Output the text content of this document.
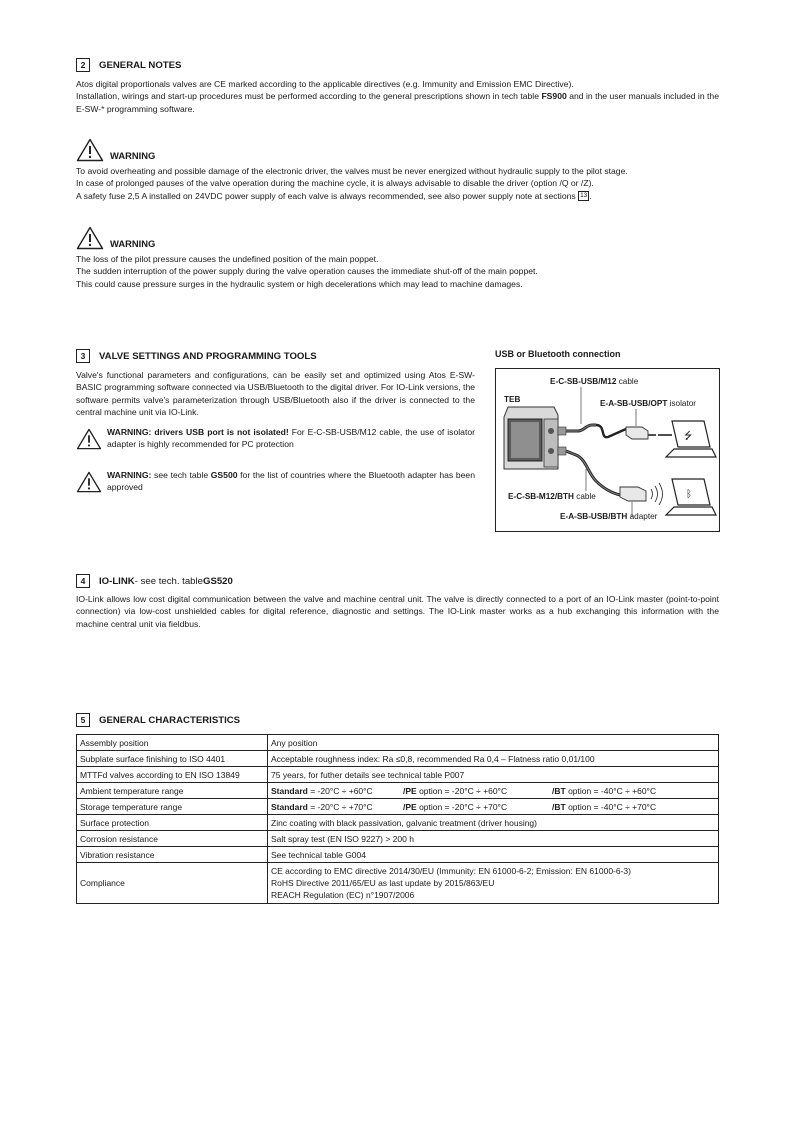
2	GENERAL NOTES
Atos digital proportionals valves are CE marked according to the applicable directives (e.g. Immunity and Emission EMC Directive).
Installation, wirings and start-up procedures must be performed according to the general prescriptions shown in tech table FS900 and in the user manuals included in the E-SW-* programming software.
WARNING
To avoid overheating and possible damage of the electronic driver, the valves must be never energized without hydraulic supply to the pilot stage.
In case of prolonged pauses of the valve operation during the machine cycle, it is always advisable to disable the driver (option /Q or /Z).
A safety fuse 2,5 A installed on 24VDC power supply of each valve is always recommended, see also power supply note at sections 13 .
WARNING
The loss of the pilot pressure causes the undefined position of the main poppet.
The sudden interruption of the power supply during the valve operation causes the immediate shut-off of the main poppet.
This could cause pressure surges in the hydraulic system or high decelerations which may lead to machine damages.
3	VALVE SETTINGS AND PROGRAMMING TOOLS
Valve's functional parameters and configurations, can be easily set and optimized using Atos E-SW-BASIC programming software connected via USB/Bluetooth to the digital driver. For IO-Link versions, the software permits valve's parameterization through USB/Bluetooth also if the driver is connected to the central machine unit via IO-Link.
WARNING: drivers USB port is not isolated! For E-C-SB-USB/M12 cable, the use of isolator adapter is highly recommended for PC protection
WARNING: see tech table GS500 for the list of countries where the Bluetooth adapter has been approved
USB or Bluetooth connection
⭍
ᛒ
TEB
E-C-SB-USB/M12 cable
E-A-SB-USB/OPT isolator
E-C-SB-M12/BTH cable
E-A-SB-USB/BTH adapter
4	IO-LINK - see tech. table GS520
IO-Link allows low cost digital communication between the valve and machine central unit. The valve is directly connected to a port of an IO-Link master (point-to-point connection) via low-cost unshielded cables for digital reference, diagnostic and settings. The IO-Link master works as a hub exchanging this information with the machine central unit via fieldbus.
5	GENERAL CHARACTERISTICS
Assembly position	Any position
Subplate surface finishing to ISO 4401	Acceptable roughness index: Ra ≤0,8, recommended Ra 0,4 – Flatness ratio 0,01/100
MTTFd valves according to EN ISO 13849	75 years, for futher details see technical table P007
Ambient temperature range	Standard = -20°C ÷ +60°C /PE option = -20°C ÷ +60°C /BT option = -40°C ÷ +60°C
Storage temperature range	Standard = -20°C ÷ +70°C /PE option = -20°C ÷ +70°C /BT option = -40°C ÷ +70°C
Surface protection	Zinc coating with black passivation, galvanic treatment (driver housing)
Corrosion resistance	Salt spray test (EN ISO 9227) > 200 h
Vibration resistance	See technical table G004
Compliance	CE according to EMC directive 2014/30/EU (Immunity: EN 61000-6-2; Emission: EN 61000-6-3)
RoHS Directive 2011/65/EU as last update by 2015/863/EU
REACH Regulation (EC) n°1907/2006
